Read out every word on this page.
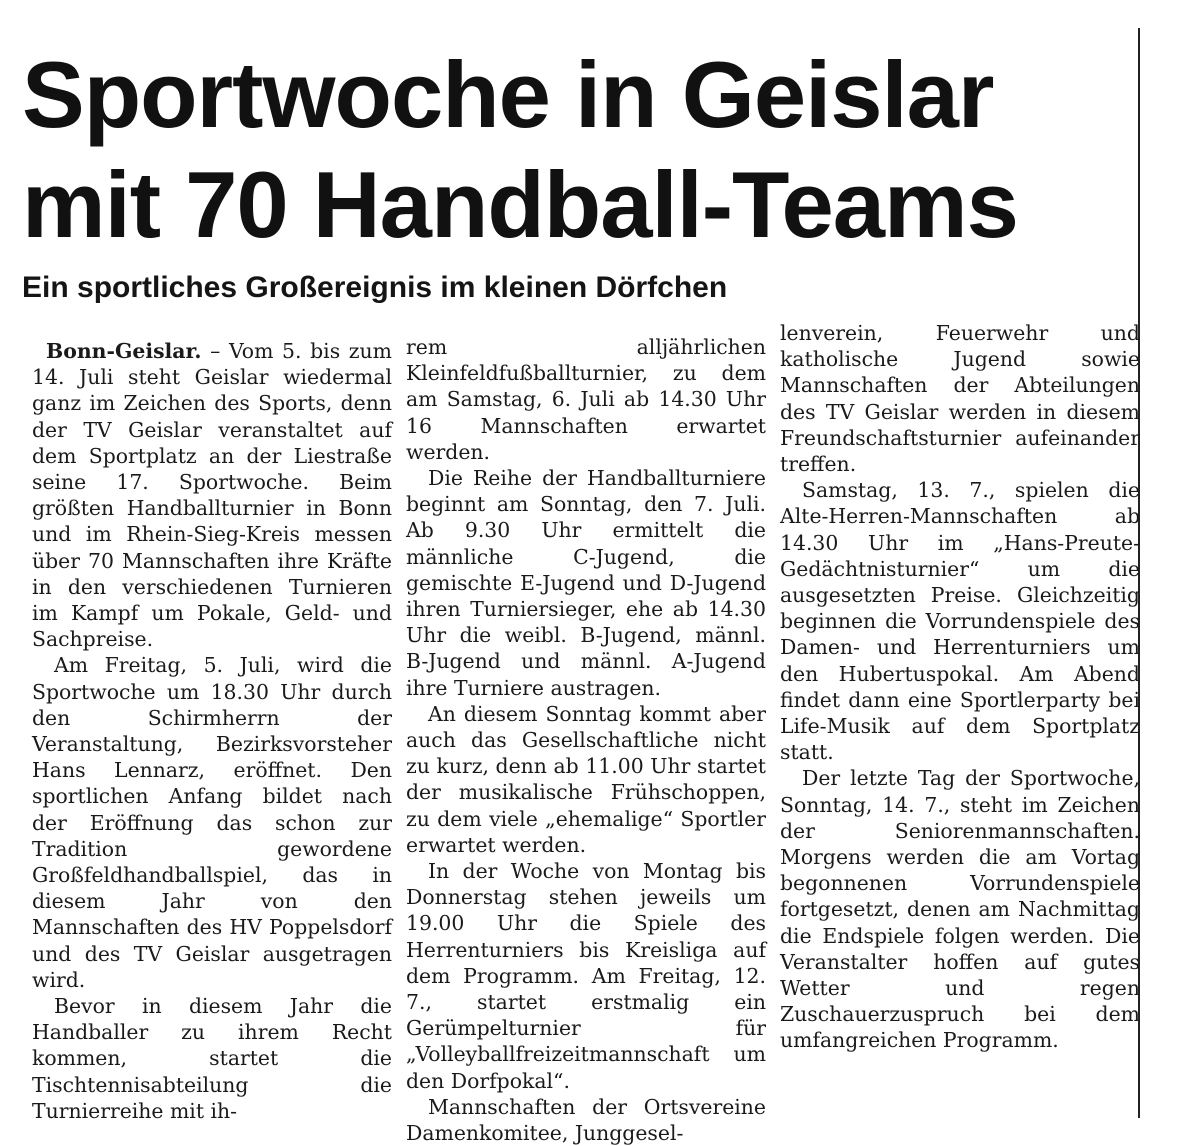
Sportwoche in Geislar
mit 70 Handball-Teams
Ein sportliches Großereignis im kleinen Dörfchen

Bonn-Geislar. – Vom 5. bis zum 14. Juli steht Geislar wiedermal ganz im Zeichen des Sports, denn der TV Geislar veranstaltet auf dem Sportplatz an der Liestraße seine 17. Sportwoche. Beim größten Handballturnier in Bonn und im Rhein-Sieg-Kreis messen über 70 Mannschaften ihre Kräfte in den verschiedenen Turnieren im Kampf um Pokale, Geld- und Sachpreise.

Am Freitag, 5. Juli, wird die Sportwoche um 18.30 Uhr durch den Schirmherrn der Veranstaltung, Bezirksvorsteher Hans Lennarz, eröffnet. Den sportlichen Anfang bildet nach der Eröffnung das schon zur Tradition gewordene Großfeldhandballspiel, das in diesem Jahr von den Mannschaften des HV Poppelsdorf und des TV Geislar ausgetragen wird.

Bevor in diesem Jahr die Handballer zu ihrem Recht kommen, startet die Tischtennisabteilung die Turnierreihe mit ih-

rem alljährlichen Kleinfeldfußballturnier, zu dem am Samstag, 6. Juli ab 14.30 Uhr 16 Mannschaften erwartet werden.

Die Reihe der Handballturniere beginnt am Sonntag, den 7. Juli. Ab 9.30 Uhr ermittelt die männliche C-Jugend, die gemischte E-Jugend und D-Jugend ihren Turniersieger, ehe ab 14.30 Uhr die weibl. B-Jugend, männl. B-Jugend und männl. A-Jugend ihre Turniere austragen.

An diesem Sonntag kommt aber auch das Gesellschaftliche nicht zu kurz, denn ab 11.00 Uhr startet der musikalische Frühschoppen, zu dem viele „ehemalige“ Sportler erwartet werden.

In der Woche von Montag bis Donnerstag stehen jeweils um 19.00 Uhr die Spiele des Herrenturniers bis Kreisliga auf dem Programm. Am Freitag, 12. 7., startet erstmalig ein Gerümpelturnier für „Volleyballfreizeitmannschaft um den Dorfpokal“.

Mannschaften der Ortsvereine Damenkomitee, Junggesel-

lenverein, Feuerwehr und katholische Jugend sowie Mannschaften der Abteilungen des TV Geislar werden in diesem Freundschaftsturnier aufeinander treffen.

Samstag, 13. 7., spielen die Alte-Herren-Mannschaften ab 14.30 Uhr im „Hans-Preute-Gedächtnisturnier“ um die ausgesetzten Preise. Gleichzeitig beginnen die Vorrundenspiele des Damen- und Herrenturniers um den Hubertuspokal. Am Abend findet dann eine Sportlerparty bei Life-Musik auf dem Sportplatz statt.

Der letzte Tag der Sportwoche, Sonntag, 14. 7., steht im Zeichen der Seniorenmannschaften. Morgens werden die am Vortag begonnenen Vorrundenspiele fortgesetzt, denen am Nachmittag die Endspiele folgen werden. Die Veranstalter hoffen auf gutes Wetter und regen Zuschauerzuspruch bei dem umfangreichen Programm.
